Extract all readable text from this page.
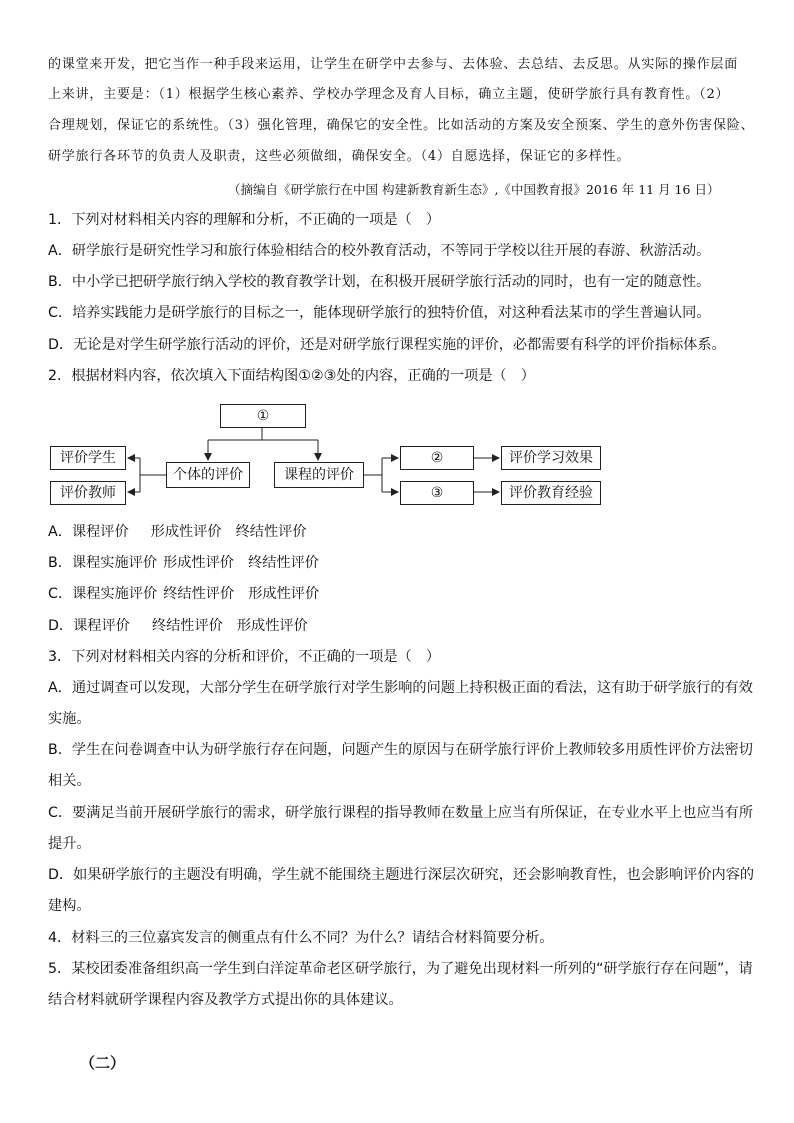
的课堂来开发，把它当作一种手段来运用，让学生在研学中去参与、去体验、去总结、去反思。从实际的操作层面
上来讲，主要是：（1）根据学生核心素养、学校办学理念及育人目标，确立主题，使研学旅行具有教育性。（2）
合理规划，保证它的系统性。（3）强化管理，确保它的安全性。比如活动的方案及安全预案、学生的意外伤害保险、
研学旅行各环节的负责人及职责，这些必须做细，确保安全。（4）自愿选择，保证它的多样性。
（摘编自《研学旅行在中国 构建新教育新生态》,《中国教育报》2016 年 11 月 16 日）
1．下列对材料相关内容的理解和分析，不正确的一项是（　）
A．研学旅行是研究性学习和旅行体验相结合的校外教育活动，不等同于学校以往开展的春游、秋游活动。
B．中小学已把研学旅行纳入学校的教育教学计划，在积极开展研学旅行活动的同时，也有一定的随意性。
C．培养实践能力是研学旅行的目标之一，能体现研学旅行的独特价值，对这种看法某市的学生普遍认同。
D．无论是对学生研学旅行活动的评价，还是对研学旅行课程实施的评价，必都需要有科学的评价指标体系。
2．根据材料内容，依次填入下面结构图①②③处的内容，正确的一项是（　）
①
个体的评价	课程的评价
评价学生
评价教师
②
③
评价学习效果
评价教育经验
A．课程评价 形成性评价 终结性评价
B．课程实施评价 形成性评价 终结性评价
C．课程实施评价 终结性评价 形成性评价
D．课程评价 终结性评价 形成性评价
3．下列对材料相关内容的分析和评价，不正确的一项是（　）
A．通过调查可以发现，大部分学生在研学旅行对学生影响的问题上持积极正面的看法，这有助于研学旅行的有效
实施。
B．学生在问卷调查中认为研学旅行存在问题，问题产生的原因与在研学旅行评价上教师较多用质性评价方法密切
相关。
C．要满足当前开展研学旅行的需求，研学旅行课程的指导教师在数量上应当有所保证，在专业水平上也应当有所
提升。
D．如果研学旅行的主题没有明确，学生就不能围绕主题进行深层次研究，还会影响教育性，也会影响评价内容的
建构。
4．材料三的三位嘉宾发言的侧重点有什么不同？为什么？请结合材料简要分析。
5．某校团委准备组织高一学生到白洋淀革命老区研学旅行，为了避免出现材料一所列的“研学旅行存在问题”，请
结合材料就研学课程内容及教学方式提出你的具体建议。
（二）
